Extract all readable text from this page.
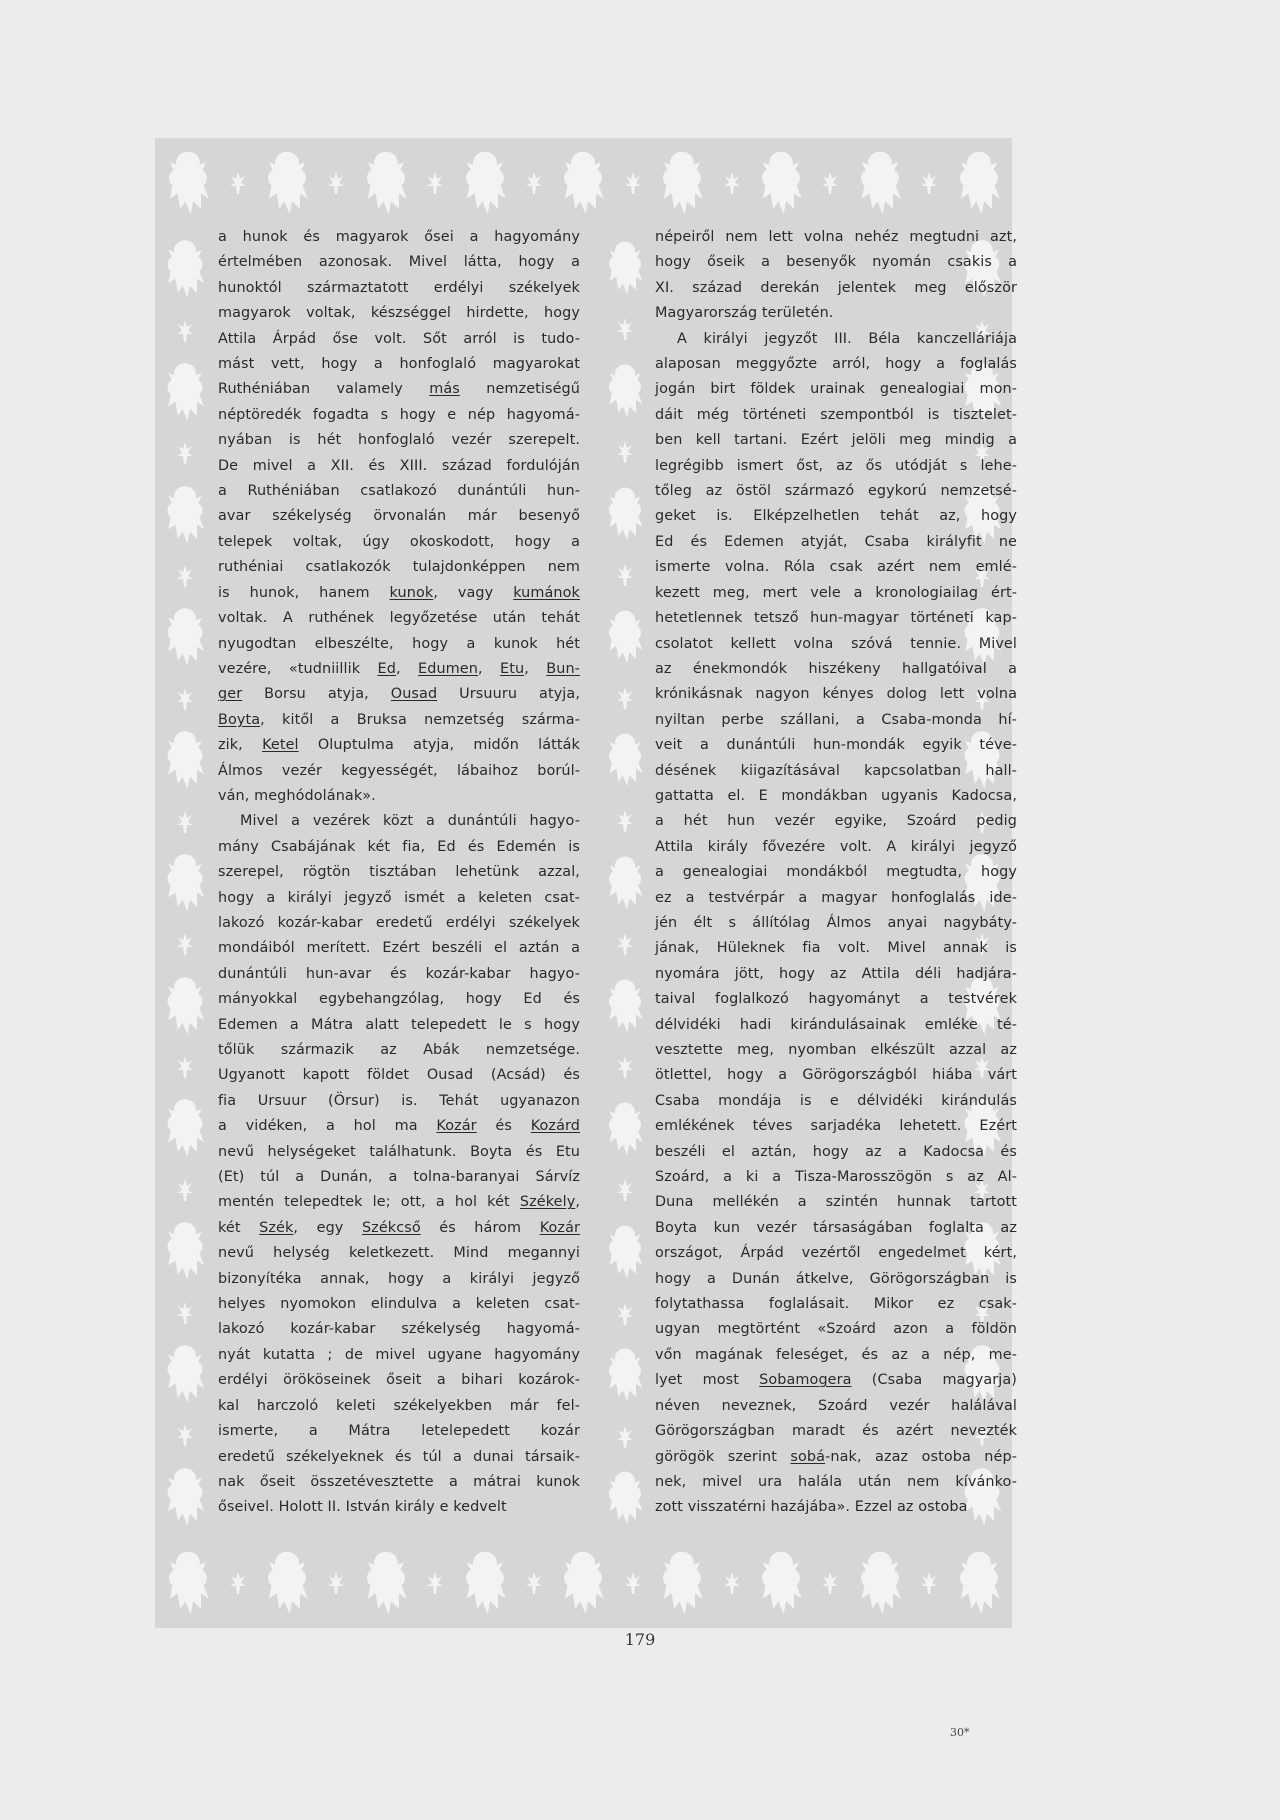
a hunok és magyarok ősei a hagyomány
értelmében azonosak. Mivel látta, hogy a
hunoktól származtatott erdélyi székelyek
magyarok voltak, készséggel hirdette, hogy
Attila Árpád őse volt. Sőt arról is tudo-
mást vett, hogy a honfoglaló magyarokat
Ruthéniában valamely más nemzetiségű
néptöredék fogadta s hogy e nép hagyomá-
nyában is hét honfoglaló vezér szerepelt.
De mivel a XII. és XIII. század fordulóján
a Ruthéniában csatlakozó dunántúli hun-
avar székelység örvonalán már besenyő
telepek voltak, úgy okoskodott, hogy a
ruthéniai csatlakozók tulajdonképpen nem
is hunok, hanem kunok, vagy kumánok
voltak. A ruthének legyőzetése után tehát
nyugodtan elbeszélte, hogy a kunok hét
vezére, «tudniillik Ed, Edumen, Etu, Bun-
ger Borsu atyja, Ousad Ursuuru atyja,
Boyta, kitől a Bruksa nemzetség szárma-
zik, Ketel Oluptulma atyja, midőn látták
Álmos vezér kegyességét, lábaihoz borúl-
ván, meghódolának».
Mivel a vezérek közt a dunántúli hagyo-
mány Csabájának két fia, Ed és Edemén is
szerepel, rögtön tisztában lehetünk azzal,
hogy a királyi jegyző ismét a keleten csat-
lakozó kozár-kabar eredetű erdélyi székelyek
mondáiból merített. Ezért beszéli el aztán a
dunántúli hun-avar és kozár-kabar hagyo-
mányokkal egybehangzólag, hogy Ed és
Edemen a Mátra alatt telepedett le s hogy
tőlük származik az Abák nemzetsége.
Ugyanott kapott földet Ousad (Acsád) és
fia Ursuur (Örsur) is. Tehát ugyanazon
a vidéken, a hol ma Kozár és Kozárd
nevű helységeket találhatunk. Boyta és Etu
(Et) túl a Dunán, a tolna-baranyai Sárvíz
mentén telepedtek le; ott, a hol két Székely,
két Szék, egy Székcső és három Kozár
nevű helység keletkezett. Mind megannyi
bizonyítéka annak, hogy a királyi jegyző
helyes nyomokon elindulva a keleten csat-
lakozó kozár-kabar székelység hagyomá-
nyát kutatta ; de mivel ugyane hagyomány
erdélyi örököseinek őseit a bihari kozárok-
kal harczoló keleti székelyekben már fel-
ismerte, a Mátra letelepedett kozár
eredetű székelyeknek és túl a dunai társaik-
nak őseit összetévesztette a mátrai kunok
őseivel. Holott II. István király e kedvelt
népeiről nem lett volna nehéz megtudni azt,
hogy őseik a besenyők nyomán csakis a
XI. század derekán jelentek meg először
Magyarország területén.
A királyi jegyzőt III. Béla kanczelláriája
alaposan meggyőzte arról, hogy a foglalás
jogán birt földek urainak genealogiai mon-
dáit még történeti szempontból is tisztelet-
ben kell tartani. Ezért jelöli meg mindig a
legrégibb ismert őst, az ős utódját s lehe-
tőleg az östöl származó egykorú nemzetsé-
geket is. Elképzelhetlen tehát az, hogy
Ed és Edemen atyját, Csaba királyfit ne
ismerte volna. Róla csak azért nem emlé-
kezett meg, mert vele a kronologiailag ért-
hetetlennek tetsző hun-magyar történeti kap-
csolatot kellett volna szóvá tennie. Mivel
az énekmondók hiszékeny hallgatóival a
krónikásnak nagyon kényes dolog lett volna
nyiltan perbe szállani, a Csaba-monda hí-
veit a dunántúli hun-mondák egyik téve-
désének kiigazításával kapcsolatban hall-
gattatta el. E mondákban ugyanis Kadocsa,
a hét hun vezér egyike, Szoárd pedig
Attila király fővezére volt. A királyi jegyző
a genealogiai mondákból megtudta, hogy
ez a testvérpár a magyar honfoglalás ide-
jén élt s állítólag Álmos anyai nagybáty-
jának, Hüleknek fia volt. Mivel annak is
nyomára jött, hogy az Attila déli hadjára-
taival foglalkozó hagyományt a testvérek
délvidéki hadi kirándulásainak emléke té-
vesztette meg, nyomban elkészült azzal az
ötlettel, hogy a Görögországból hiába várt
Csaba mondája is e délvidéki kirándulás
emlékének téves sarjadéka lehetett. Ezért
beszéli el aztán, hogy az a Kadocsa és
Szoárd, a ki a Tisza-Marosszögön s az Al-
Duna mellékén a szintén hunnak tartott
Boyta kun vezér társaságában foglalta az
országot, Árpád vezértől engedelmet kért,
hogy a Dunán átkelve, Görögországban is
folytathassa foglalásait. Mikor ez csak-
ugyan megtörtént «Szoárd azon a földön
vőn magának feleséget, és az a nép, me-
lyet most Sobamogera (Csaba magyarja)
néven neveznek, Szoárd vezér halálával
Görögországban maradt és azért nevezték
görögök szerint sobá-nak, azaz ostoba nép-
nek, mivel ura halála után nem kívánko-
zott visszatérni hazájába». Ezzel az ostoba
179
30*
